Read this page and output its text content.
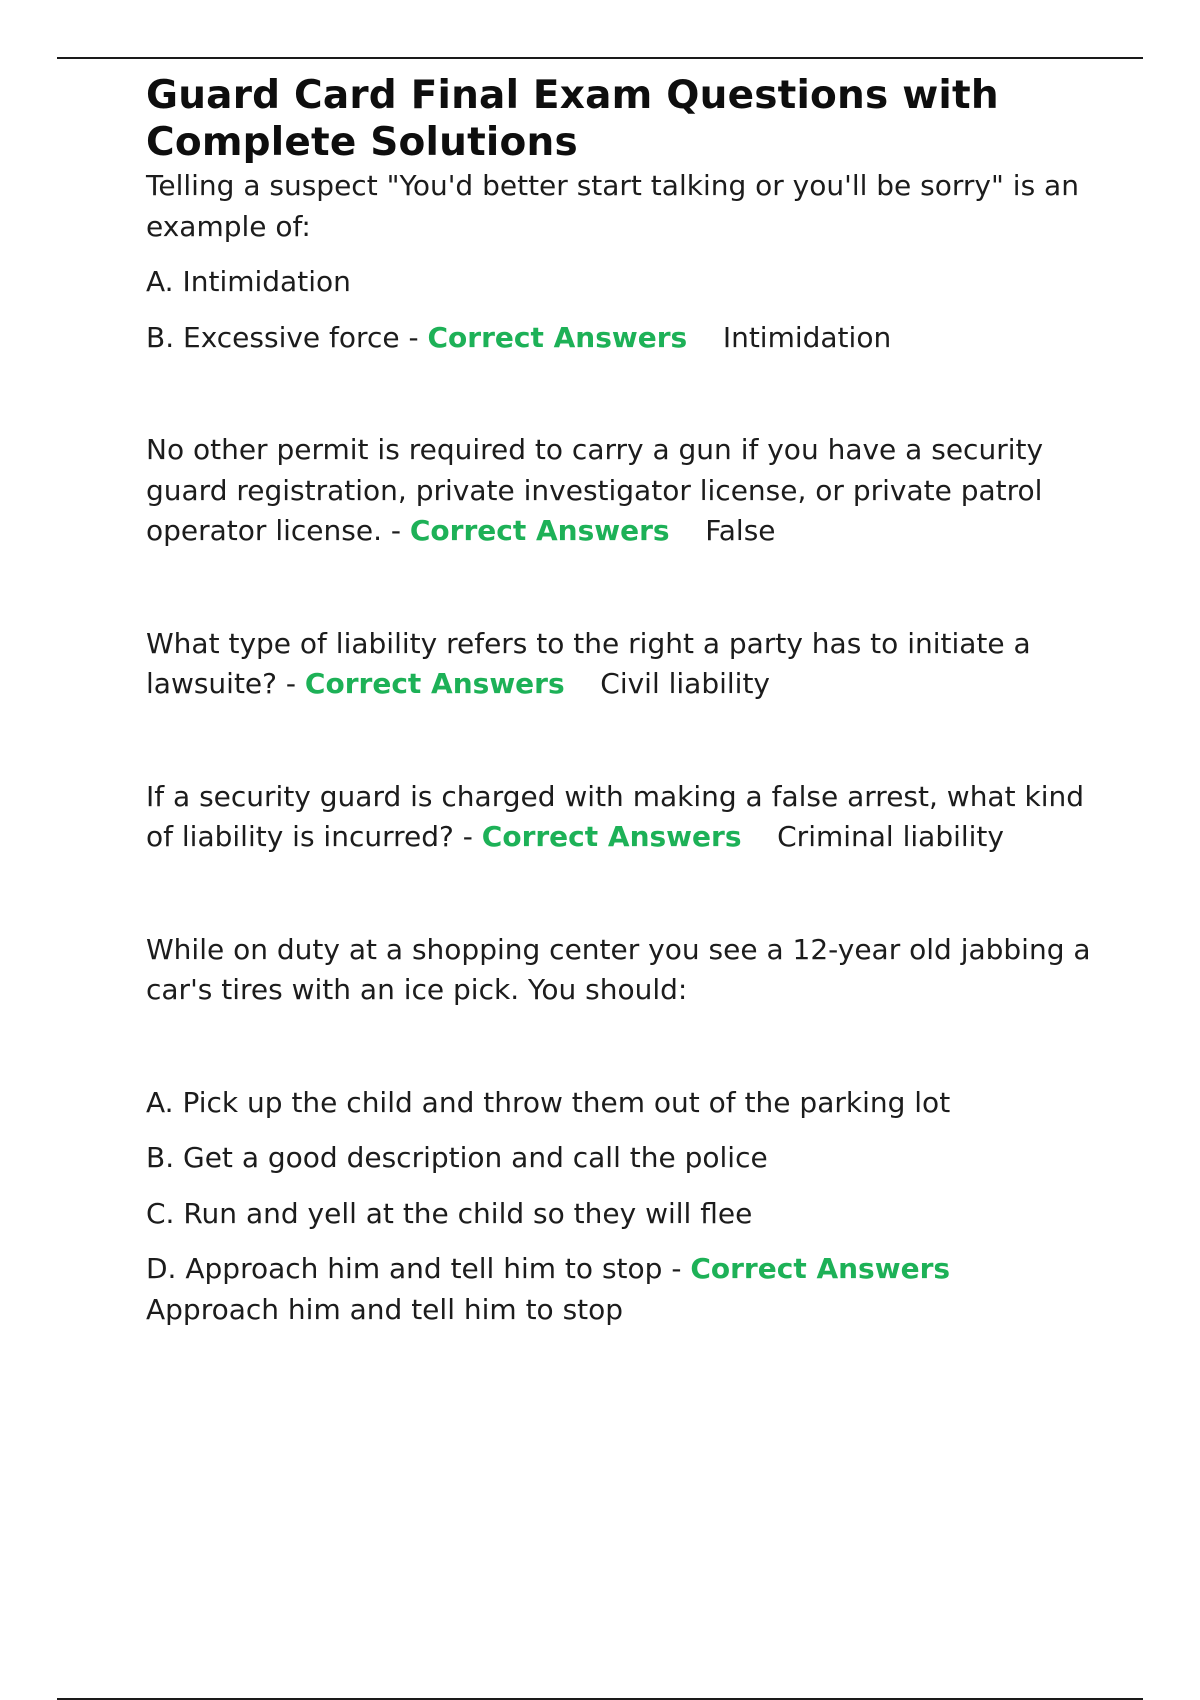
Guard Card Final Exam Questions with Complete Solutions

Telling a suspect "You'd better start talking or you'll be sorry" is an example of:

A. Intimidation

B. Excessive force - Correct Answers Intimidation

No other permit is required to carry a gun if you have a security guard registration, private investigator license, or private patrol operator license. - Correct Answers False

What type of liability refers to the right a party has to initiate a lawsuite? - Correct Answers Civil liability

If a security guard is charged with making a false arrest, what kind of liability is incurred? - Correct Answers Criminal liability

While on duty at a shopping center you see a 12-year old jabbing a car's tires with an ice pick. You should:

A. Pick up the child and throw them out of the parking lot

B. Get a good description and call the police

C. Run and yell at the child so they will flee

D. Approach him and tell him to stop - Correct Answers    Approach him and tell him to stop
